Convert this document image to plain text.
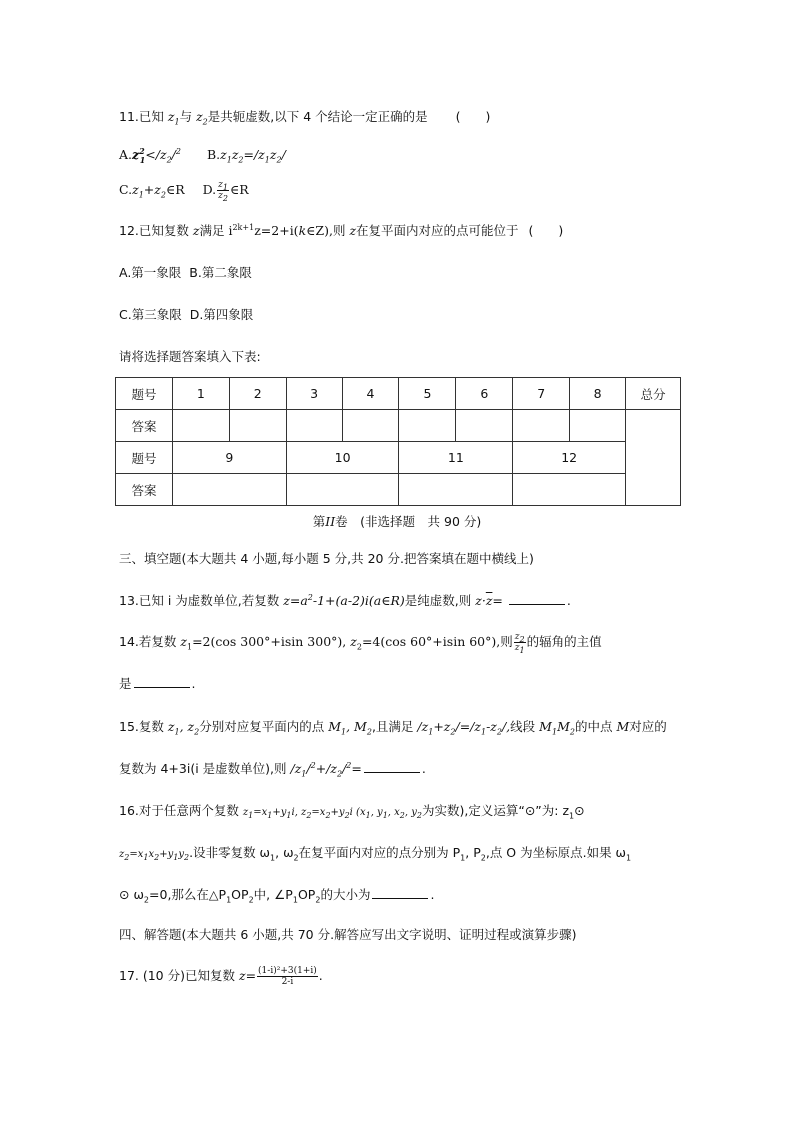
11.已知 $z_1$与 $z_2$是共轭虚数,以下 4 个结论一定正确的是 (　　)
$A.z^2_1</z_2/^2$ $B.z_1z_2=/z_1z_2/$
$C.z_1+z_2\in R$ D. $\frac{z_1}{z_2}$ ∈R
12.已知复数 z满足 $i^{2k+1}z=2+i(k\in Z)$,则 z在复平面内对应的点可能位于 (　　)
A.第一象限 B.第二象限
C.第三象限 D.第四象限
请将选择题答案填入下表:
题号	1	2	3	4	5	6	7	8	总分
答案									
题号	9		10		11		12		
答案									
第II卷　(非选择题　共 90 分)
三、填空题(本大题共 4 小题,每小题 5 分,共 20 分.把答案填在题中横线上)
13.已知 i 为虚数单位,若复数 $z=a^2-1+(a-2)i(a\in R)$是纯虚数,则 $z\cdot\overline{z}=$	.
14.若复数 $z_1=2(\cos$ 300°+isin 300°), $z_2=4(\cos$ 60°+isin 60°),则 $\frac{z_2}{z_1}$ 的辐角的主值
是	.
15.复数 $z_1$, $z_2$分别对应复平面内的点 $M_1$, $M_2$,且满足 $/z_1+z_2/=/z_1-z_2/$,线段 $M_1M_2$的中点 M对应的
复数为 4+3i(i 是虚数单位),则 $/z_1/^2+/z_2/^2=$	.
16.对于任意两个复数 $z_1=x_1+y_1i$, $z_2=x_2+y_2i$ ($x_1$, $y_1$, $x_2$, $y_2$为实数),定义运算“⊙”为: $z_1⊙$
$z_2=x_1x_2+y_1y_2$.设非零复数 $\omega_1$, $\omega_2$在复平面内对应的点分别为 $P_1$, $P_2$,点 O 为坐标原点.如果 $\omega_1$
⊙ $\omega_2=0$,那么在$\triangle P_1OP_2$中, $\angle P_1OP_2$的大小为	.
四、解答题(本大题共 6 小题,共 70 分.解答应写出文字说明、证明过程或演算步骤)
17. (10 分)已知复数 $z= \frac{\text{(1-i)²+3(1+i)}}{2-i}$ .
